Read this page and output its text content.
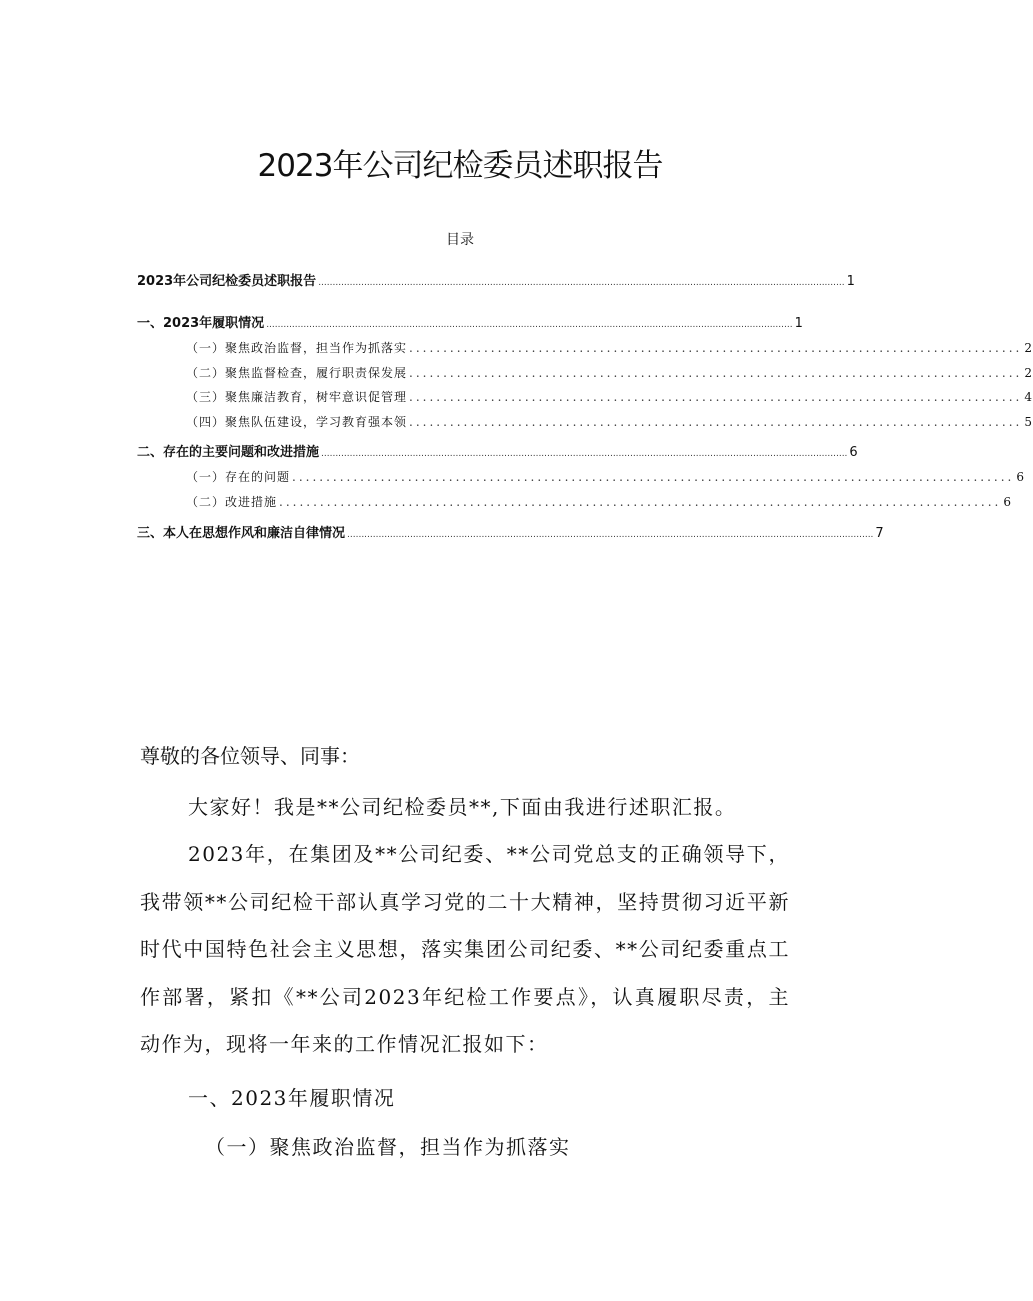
2023年公司纪检委员述职报告
目录
2023年公司纪检委员述职报告 ........................................................................................................................................................................................ 1
一、2023年履职情况 ........................................................................................................................................................................................ 1
（一）聚焦政治监督，担当作为抓落实 .......................................................................................... 2
（二）聚焦监督检查，履行职责保发展 .......................................................................................... 2
（三）聚焦廉洁教育，树牢意识促管理 .......................................................................................... 4
（四）聚焦队伍建设，学习教育强本领 .......................................................................................... 5
二、存在的主要问题和改进措施 ........................................................................................................................................................................................ 6
（一）存在的问题 .......................................................................................................... 6
（二）改进措施 .......................................................................................................... 6
三、本人在思想作风和廉洁自律情况 ........................................................................................................................................................................................ 7
尊敬的各位领导、同事：
大家好！我是**公司纪检委员**,下面由我进行述职汇报。
2023年，在集团及**公司纪委、**公司党总支的正确领导下，我带领**公司纪检干部认真学习党的二十大精神，坚持贯彻习近平新时代中国特色社会主义思想，落实集团公司纪委、**公司纪委重点工作部署，紧扣《**公司2023年纪检工作要点》，认真履职尽责，主动作为，现将一年来的工作情况汇报如下：
一、2023年履职情况
（一）聚焦政治监督，担当作为抓落实
